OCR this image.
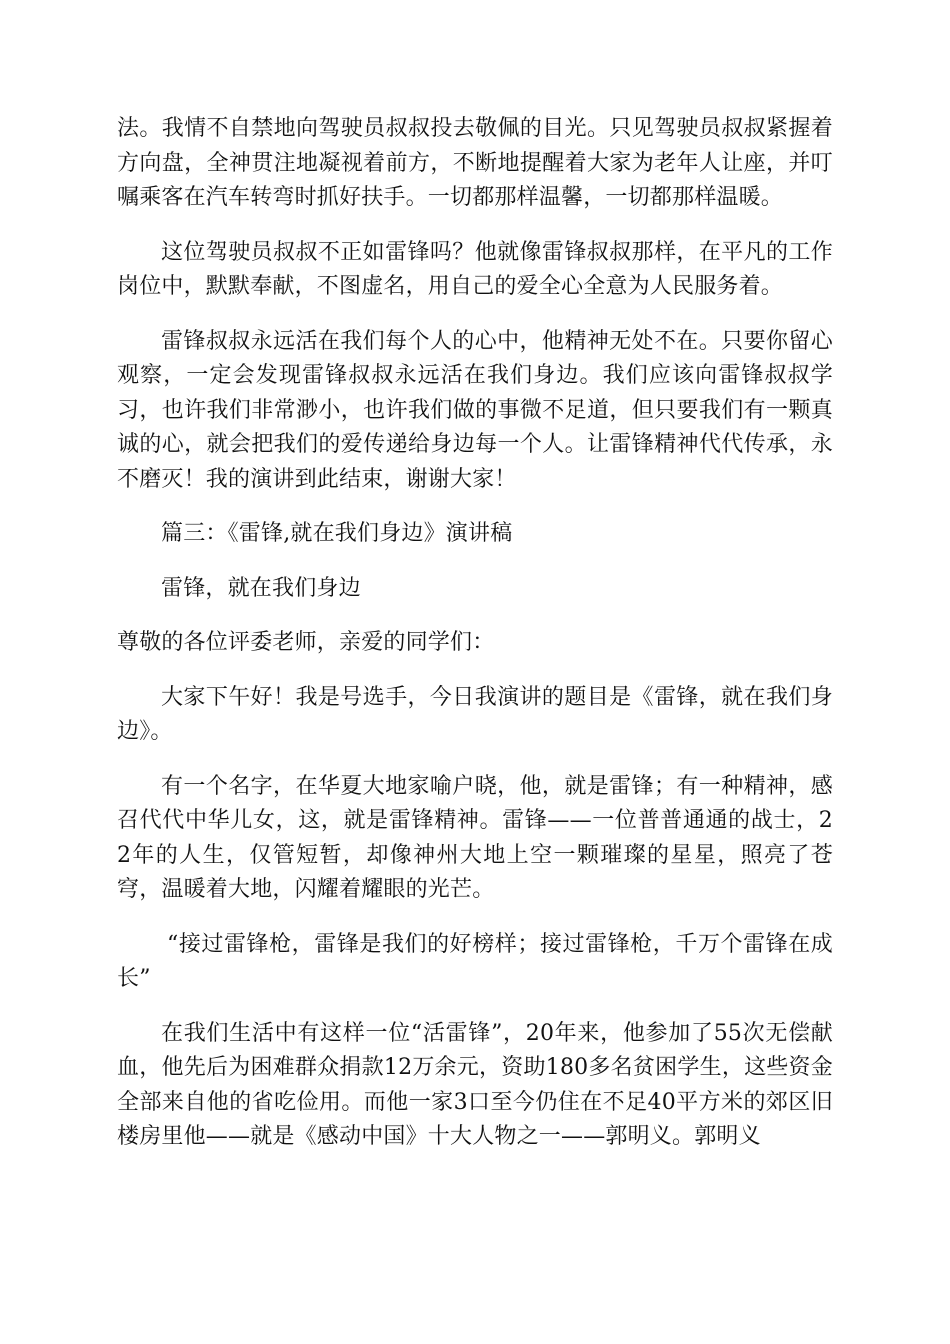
法。我情不自禁地向驾驶员叔叔投去敬佩的目光。只见驾驶员叔叔紧握着方向盘，全神贯注地凝视着前方，不断地提醒着大家为老年人让座，并叮嘱乘客在汽车转弯时抓好扶手。一切都那样温馨，一切都那样温暖。

这位驾驶员叔叔不正如雷锋吗？他就像雷锋叔叔那样，在平凡的工作岗位中，默默奉献，不图虚名，用自己的爱全心全意为人民服务着。

雷锋叔叔永远活在我们每个人的心中，他精神无处不在。只要你留心观察，一定会发现雷锋叔叔永远活在我们身边。我们应该向雷锋叔叔学习，也许我们非常渺小，也许我们做的事微不足道，但只要我们有一颗真诚的心，就会把我们的爱传递给身边每一个人。让雷锋精神代代传承，永不磨灭！我的演讲到此结束，谢谢大家！

篇三：《雷锋,就在我们身边》演讲稿

雷锋，就在我们身边

尊敬的各位评委老师，亲爱的同学们：

大家下午好！我是号选手，今日我演讲的题目是《雷锋，就在我们身边》。

有一个名字，在华夏大地家喻户晓，他，就是雷锋；有一种精神，感召代代中华儿女，这，就是雷锋精神。雷锋——一位普普通通的战士，22年的人生，仅管短暂，却像神州大地上空一颗璀璨的星星，照亮了苍穹，温暖着大地，闪耀着耀眼的光芒。

“接过雷锋枪，雷锋是我们的好榜样；接过雷锋枪，千万个雷锋在成长”

在我们生活中有这样一位“活雷锋”，20年来，他参加了55次无偿献血，他先后为困难群众捐款12万余元，资助180多名贫困学生，这些资金全部来自他的省吃俭用。而他一家3口至今仍住在不足40平方米的郊区旧楼房里他——就是《感动中国》十大人物之一——郭明义。郭明义
